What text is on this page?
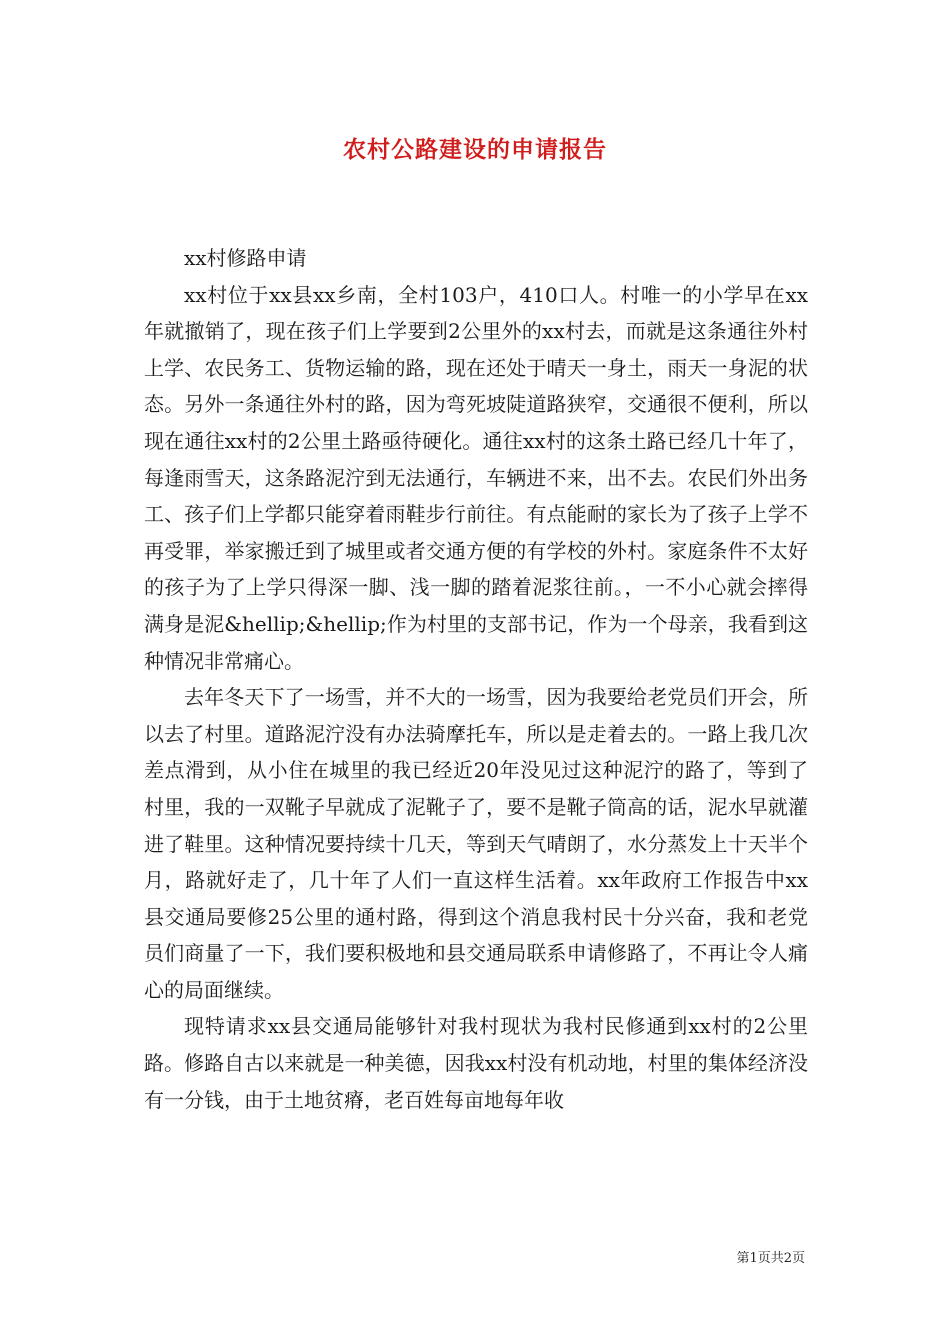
农村公路建设的申请报告

xx村修路申请

xx村位于xx县xx乡南，全村103户，410口人。村唯一的小学早在xx年就撤销了，现在孩子们上学要到2公里外的xx村去，而就是这条通往外村上学、农民务工、货物运输的路，现在还处于晴天一身土，雨天一身泥的状态。另外一条通往外村的路，因为弯死坡陡道路狭窄，交通很不便利，所以现在通往xx村的2公里土路亟待硬化。通往xx村的这条土路已经几十年了，每逢雨雪天，这条路泥泞到无法通行，车辆进不来，出不去。农民们外出务工、孩子们上学都只能穿着雨鞋步行前往。有点能耐的家长为了孩子上学不再受罪，举家搬迁到了城里或者交通方便的有学校的外村。家庭条件不太好的孩子为了上学只得深一脚、浅一脚的踏着泥浆往前。，一不小心就会摔得满身是泥&hellip;&hellip;作为村里的支部书记，作为一个母亲，我看到这种情况非常痛心。

去年冬天下了一场雪，并不大的一场雪，因为我要给老党员们开会，所以去了村里。道路泥泞没有办法骑摩托车，所以是走着去的。一路上我几次差点滑到，从小住在城里的我已经近20年没见过这种泥泞的路了，等到了村里，我的一双靴子早就成了泥靴子了，要不是靴子筒高的话，泥水早就灌进了鞋里。这种情况要持续十几天，等到天气晴朗了，水分蒸发上十天半个月，路就好走了，几十年了人们一直这样生活着。xx年政府工作报告中xx县交通局要修25公里的通村路，得到这个消息我村民十分兴奋，我和老党员们商量了一下，我们要积极地和县交通局联系申请修路了，不再让令人痛心的局面继续。

现特请求xx县交通局能够针对我村现状为我村民修通到xx村的2公里路。修路自古以来就是一种美德，因我xx村没有机动地，村里的集体经济没有一分钱，由于土地贫瘠，老百姓每亩地每年收

第1页共2页
